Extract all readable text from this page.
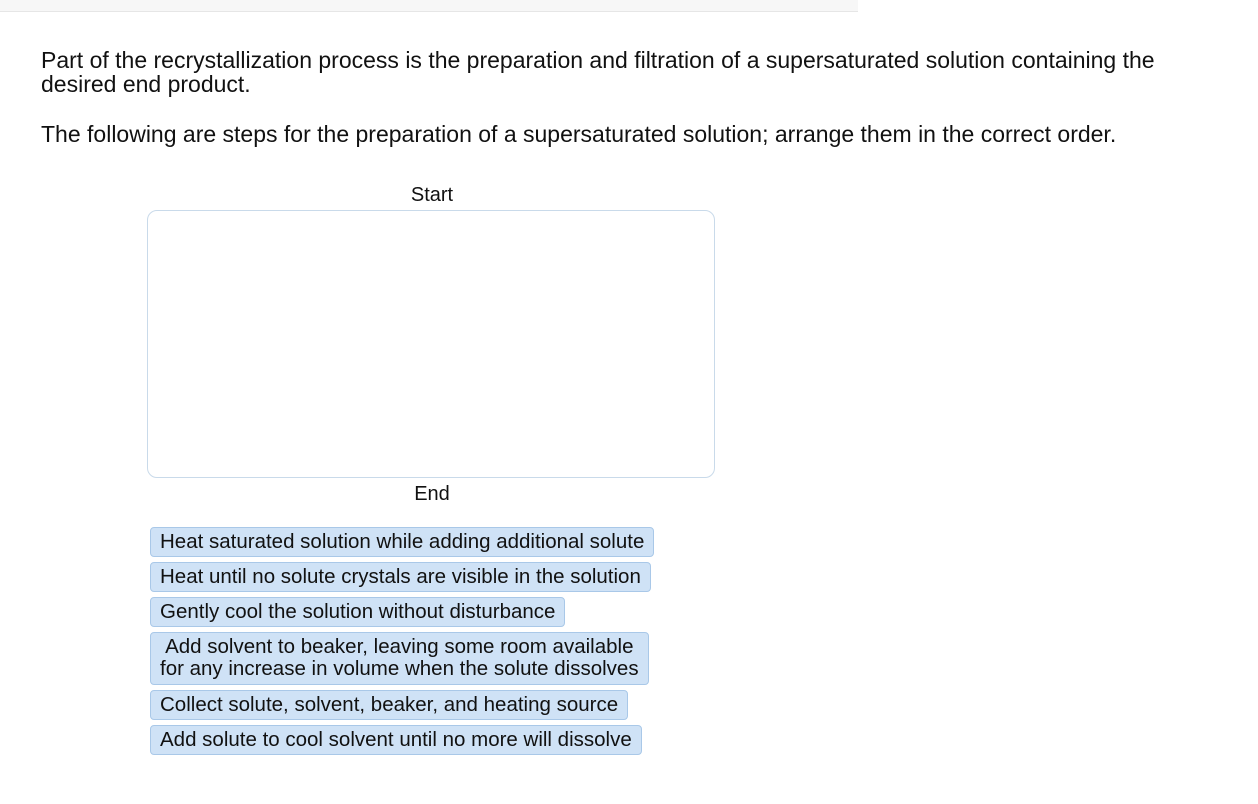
Part of the recrystallization process is the preparation and filtration of a supersaturated solution containing the desired end product.

The following are steps for the preparation of a supersaturated solution; arrange them in the correct order.

Start
End
Heat saturated solution while adding additional solute
Heat until no solute crystals are visible in the solution
Gently cool the solution without disturbance
Add solvent to beaker, leaving some room available
for any increase in volume when the solute dissolves
Collect solute, solvent, beaker, and heating source
Add solute to cool solvent until no more will dissolve
